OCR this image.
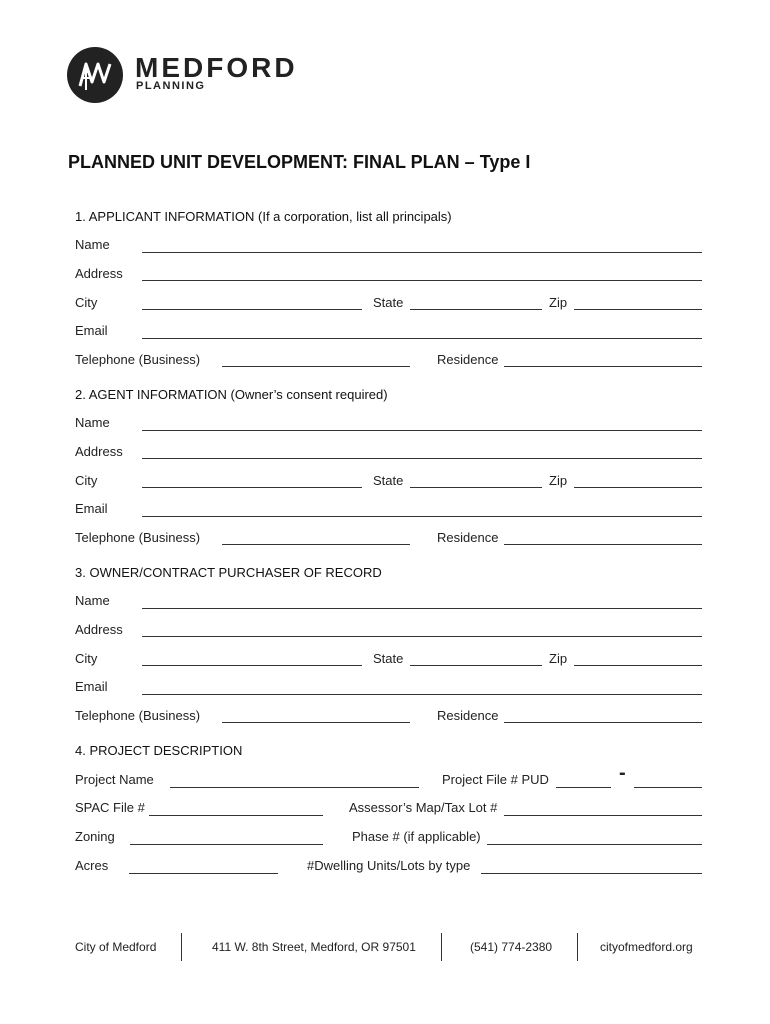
MEDFORD
PLANNING
PLANNED UNIT DEVELOPMENT: FINAL PLAN – Type I
1. APPLICANT INFORMATION (If a corporation, list all principals)
Name
Address
City	State	Zip
Email
Telephone (Business)	Residence
2. AGENT INFORMATION (Owner’s consent required)
Name
Address
City	State	Zip
Email
Telephone (Business)	Residence
3. OWNER/CONTRACT PURCHASER OF RECORD
Name
Address
City	State	Zip
Email
Telephone (Business)	Residence
4. PROJECT DESCRIPTION
Project Name	Project File # PUD	-
SPAC File #	Assessor’s Map/Tax Lot #
Zoning	Phase # (if applicable)
Acres	#Dwelling Units/Lots by type
City of Medford	411 W. 8th Street, Medford, OR 97501	(541) 774-2380	cityofmedford.org
